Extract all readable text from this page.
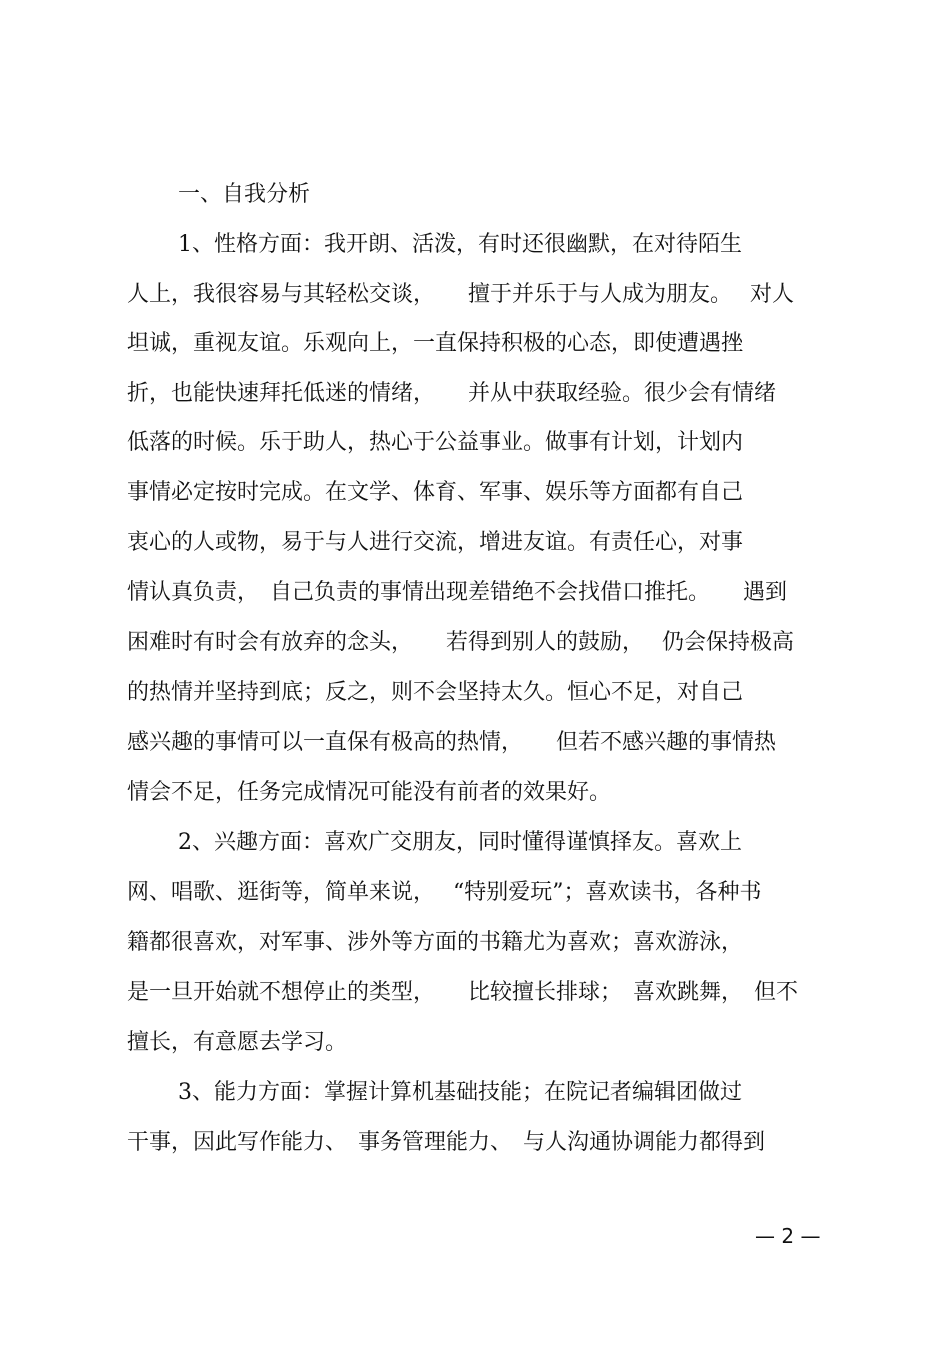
一、自我分析
1、性格方面：我开朗、活泼，有时还很幽默，在对待陌生
人上，我很容易与其轻松交谈，　　擅于并乐于与人成为朋友。　 对人
坦诚，重视友谊。乐观向上，一直保持积极的心态，即使遭遇挫
折，也能快速拜托低迷的情绪，　　并从中获取经验。很少会有情绪
低落的时候。乐于助人，热心于公益事业。做事有计划，计划内
事情必定按时完成。在文学、体育、军事、娱乐等方面都有自己
衷心的人或物，易于与人进行交流，增进友谊。有责任心，对事
情认真负责，　自己负责的事情出现差错绝不会找借口推托。　　遇到
困难时有时会有放弃的念头，　　若得到别人的鼓励，　 仍会保持极高
的热情并坚持到底；反之，则不会坚持太久。恒心不足，对自己
感兴趣的事情可以一直保有极高的热情，　　但若不感兴趣的事情热
情会不足，任务完成情况可能没有前者的效果好。
2、兴趣方面：喜欢广交朋友，同时懂得谨慎择友。喜欢上
网、唱歌、逛街等，简单来说，　 “特别爱玩”；喜欢读书，各种书
籍都很喜欢，对军事、涉外等方面的书籍尤为喜欢；喜欢游泳，
是一旦开始就不想停止的类型，　　比较擅长排球；　喜欢跳舞，　但不
擅长，有意愿去学习。
3、能力方面：掌握计算机基础技能；在院记者编辑团做过
干事，因此写作能力、　事务管理能力、　与人沟通协调能力都得到
— 2 —
